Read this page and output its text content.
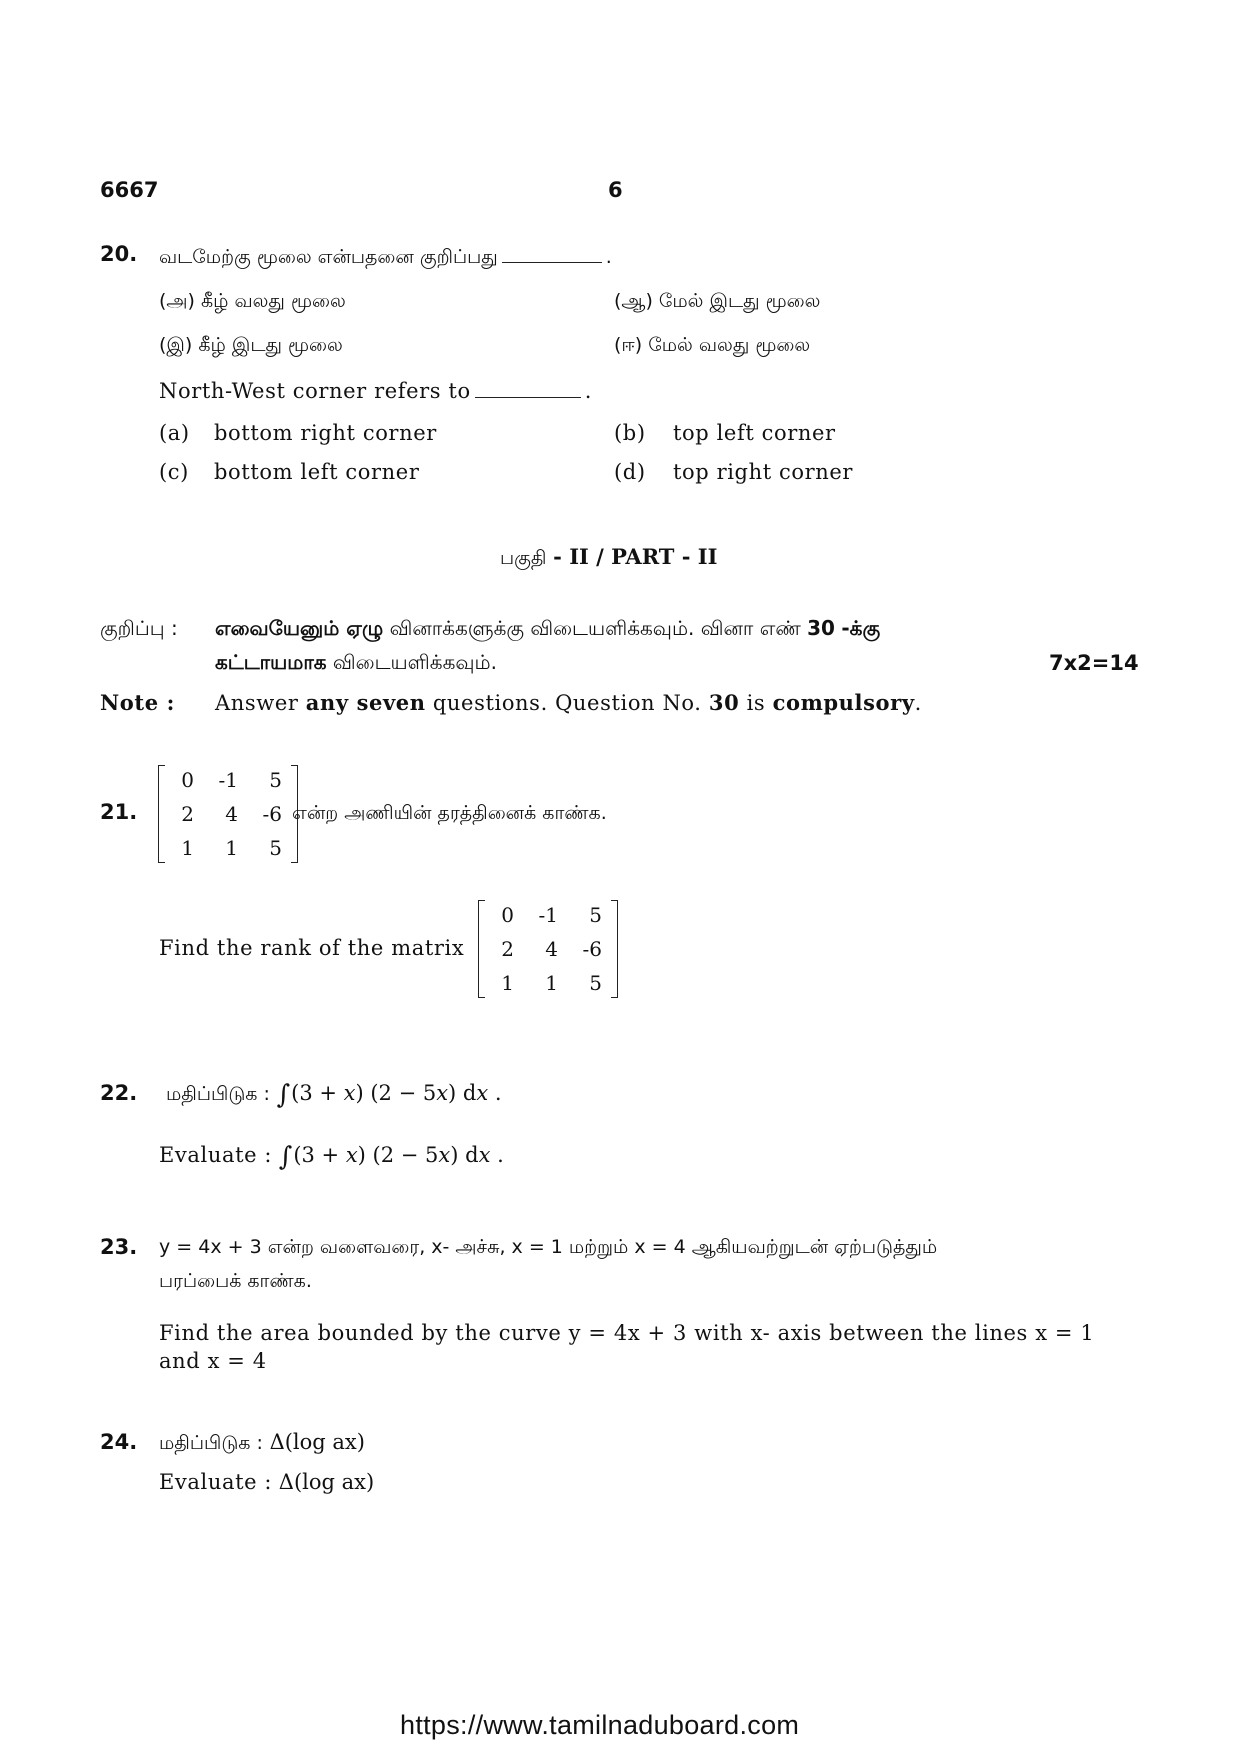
6667	6
20. வடமேற்கு மூலை என்பதனை குறிப்பது	.
(அ) கீழ் வலது மூலை	(ஆ) மேல் இடது மூலை
(இ) கீழ் இடது மூலை	(ஈ) மேல் வலது மூலை
North-West corner refers to	.
(a) bottom right corner	(b) top left corner
(c) bottom left corner	(d) top right corner
பகுதி - II / PART - II
குறிப்பு : எவையேனும் ஏழு வினாக்களுக்கு விடையளிக்கவும். வினா எண் 30 -க்கு
கட்டாயமாக விடையளிக்கவும்.	7x2=14
Note : Answer any seven questions. Question No. 30 is compulsory.
21.
0	-1	5
2	4	-6
1	1	5
என்ற அணியின் தரத்தினைக் காண்க.
Find the rank of the matrix
0	-1	5
2	4	-6
1	1	5
22. மதிப்பிடுக : ∫(3 + x) (2 − 5x) dx .
Evaluate : ∫(3 + x) (2 − 5x) dx .
23. y = 4x + 3 என்ற வளைவரை, x- அச்சு, x = 1 மற்றும் x = 4 ஆகியவற்றுடன் ஏற்படுத்தும்
பரப்பைக் காண்க.
Find the area bounded by the curve y = 4x + 3 with x- axis between the lines x = 1
and x = 4
24. மதிப்பிடுக : Δ(log ax)
Evaluate : Δ(log ax)
https://www.tamilnaduboard.com
